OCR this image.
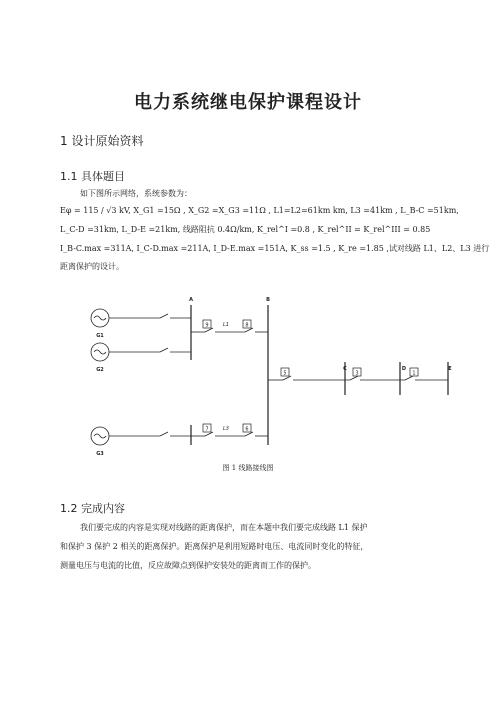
电力系统继电保护课程设计
1 设计原始资料
1.1 具体题目
如下图所示网络，系统参数为：
Eφ = 115 / √3 kV, X_G1 =15Ω , X_G2 =X_G3 =11Ω , L1=L2=61km km, L3 =41km , L_B-C =51km,
L_C-D =31km, L_D-E =21km, 线路阻抗 0.4Ω/km, K_rel^I =0.8 , K_rel^II = K_rel^III = 0.85
I_B-C.max =311A, I_C-D.max =211A, I_D-E.max =151A, K_ss =1.5 , K_re =1.85 ,试对线路 L1、L2、L3 进行
距离保护的设计。
9	8
7	6
5	3	1
A	B
C	D	E
G1
G2
G3
L1
L3
图 1 线路接线图
1.2 完成内容
我们要完成的内容是实现对线路的距离保护，而在本题中我们要完成线路 L1 保护
和保护 3 保护 2 相关的距离保护。距离保护是利用短路时电压、电流同时变化的特征，
测量电压与电流的比值，反应故障点到保护安装处的距离而工作的保护。
